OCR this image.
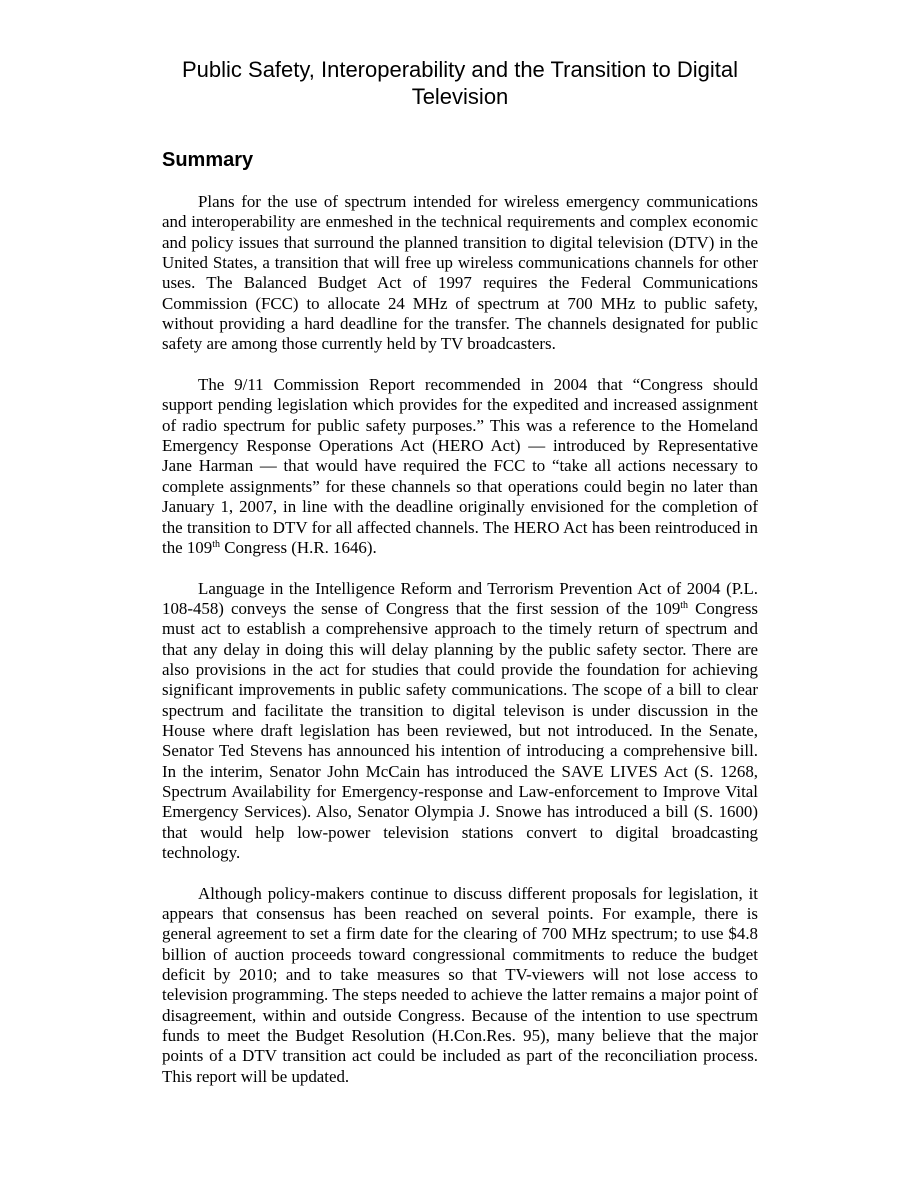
Public Safety, Interoperability and the Transition to Digital Television
Summary

Plans for the use of spectrum intended for wireless emergency communications and interoperability are enmeshed in the technical requirements and complex economic and policy issues that surround the planned transition to digital television (DTV) in the United States, a transition that will free up wireless communications channels for other uses. The Balanced Budget Act of 1997 requires the Federal Communications Commission (FCC) to allocate 24 MHz of spectrum at 700 MHz to public safety, without providing a hard deadline for the transfer. The channels designated for public safety are among those currently held by TV broadcasters.

The 9/11 Commission Report recommended in 2004 that “Congress should support pending legislation which provides for the expedited and increased assignment of radio spectrum for public safety purposes.” This was a reference to the Homeland Emergency Response Operations Act (HERO Act) — introduced by Representative Jane Harman — that would have required the FCC to “take all actions necessary to complete assignments” for these channels so that operations could begin no later than January 1, 2007, in line with the deadline originally envisioned for the completion of the transition to DTV for all affected channels. The HERO Act has been reintroduced in the 109th Congress (H.R. 1646).

Language in the Intelligence Reform and Terrorism Prevention Act of 2004 (P.L. 108-458) conveys the sense of Congress that the first session of the 109th Congress must act to establish a comprehensive approach to the timely return of spectrum and that any delay in doing this will delay planning by the public safety sector. There are also provisions in the act for studies that could provide the foundation for achieving significant improvements in public safety communications. The scope of a bill to clear spectrum and facilitate the transition to digital televison is under discussion in the House where draft legislation has been reviewed, but not introduced. In the Senate, Senator Ted Stevens has announced his intention of introducing a comprehensive bill. In the interim, Senator John McCain has introduced the SAVE LIVES Act (S. 1268, Spectrum Availability for Emergency-response and Law-enforcement to Improve Vital Emergency Services). Also, Senator Olympia J. Snowe has introduced a bill (S. 1600) that would help low-power television stations convert to digital broadcasting technology.

Although policy-makers continue to discuss different proposals for legislation, it appears that consensus has been reached on several points. For example, there is general agreement to set a firm date for the clearing of 700 MHz spectrum; to use $4.8 billion of auction proceeds toward congressional commitments to reduce the budget deficit by 2010; and to take measures so that TV-viewers will not lose access to television programming. The steps needed to achieve the latter remains a major point of disagreement, within and outside Congress. Because of the intention to use spectrum funds to meet the Budget Resolution (H.Con.Res. 95), many believe that the major points of a DTV transition act could be included as part of the reconciliation process. This report will be updated.
